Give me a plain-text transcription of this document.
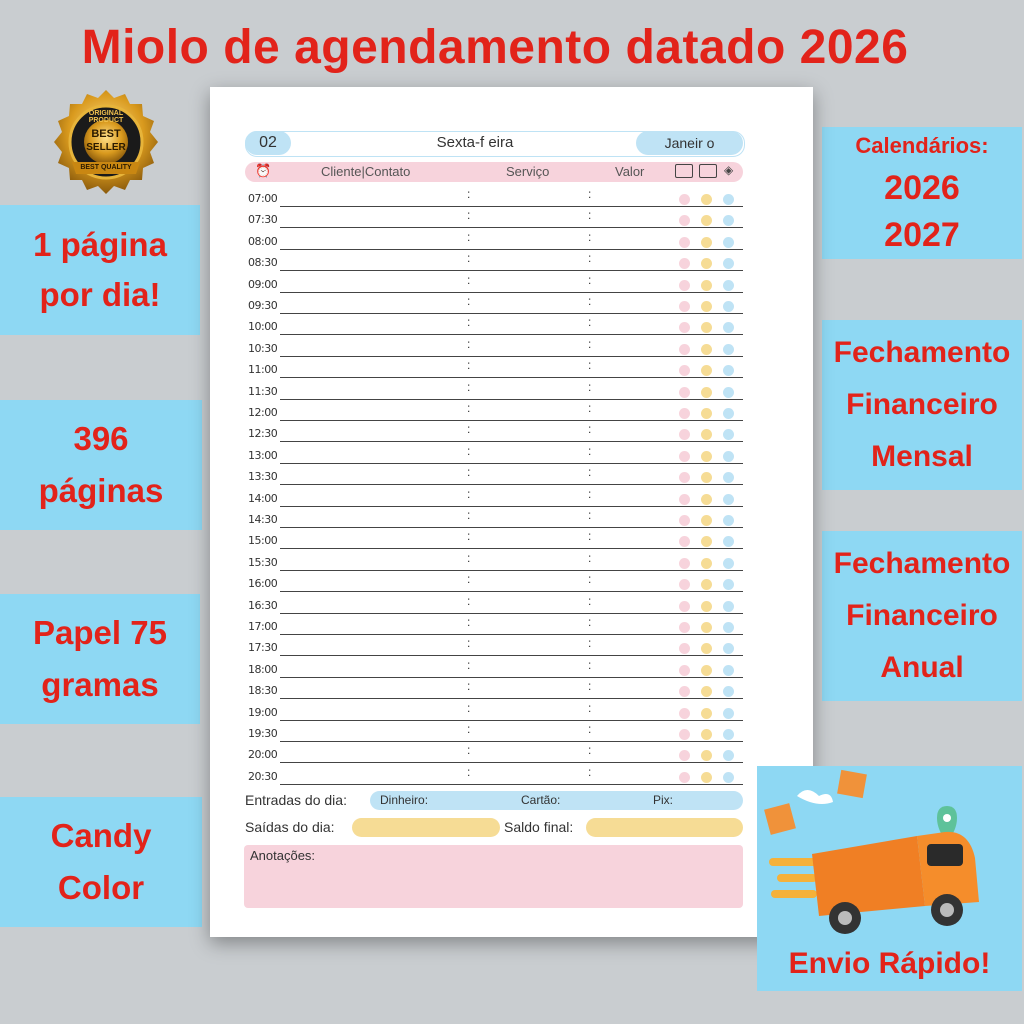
Miolo de agendamento datado 2026
ORIGINAL PRODUCT
BEST
SELLER
BEST QUALITY
1 página
por dia!
396
páginas
Papel 75
gramas
Candy
Color
Calendários:
2026
2027
Fechamento
Financeiro
Mensal
Fechamento
Financeiro
Anual
02	Sexta-f eira	Janeir o
⏰	Cliente|Contato	Serviço	Valor	◈
07:00	:	:
07:30	:	:
08:00	:	:
08:30	:	:
09:00	:	:
09:30	:	:
10:00	:	:
10:30	:	:
11:00	:	:
11:30	:	:
12:00	:	:
12:30	:	:
13:00	:	:
13:30	:	:
14:00	:	:
14:30	:	:
15:00	:	:
15:30	:	:
16:00	:	:
16:30	:	:
17:00	:	:
17:30	:	:
18:00	:	:
18:30	:	:
19:00	:	:
19:30	:	:
20:00	:	:
20:30	:	:
Entradas do dia:	Dinheiro:	Cartão:	Pix:
Saídas do dia:	Saldo final:
Anotações:
Envio Rápido!
